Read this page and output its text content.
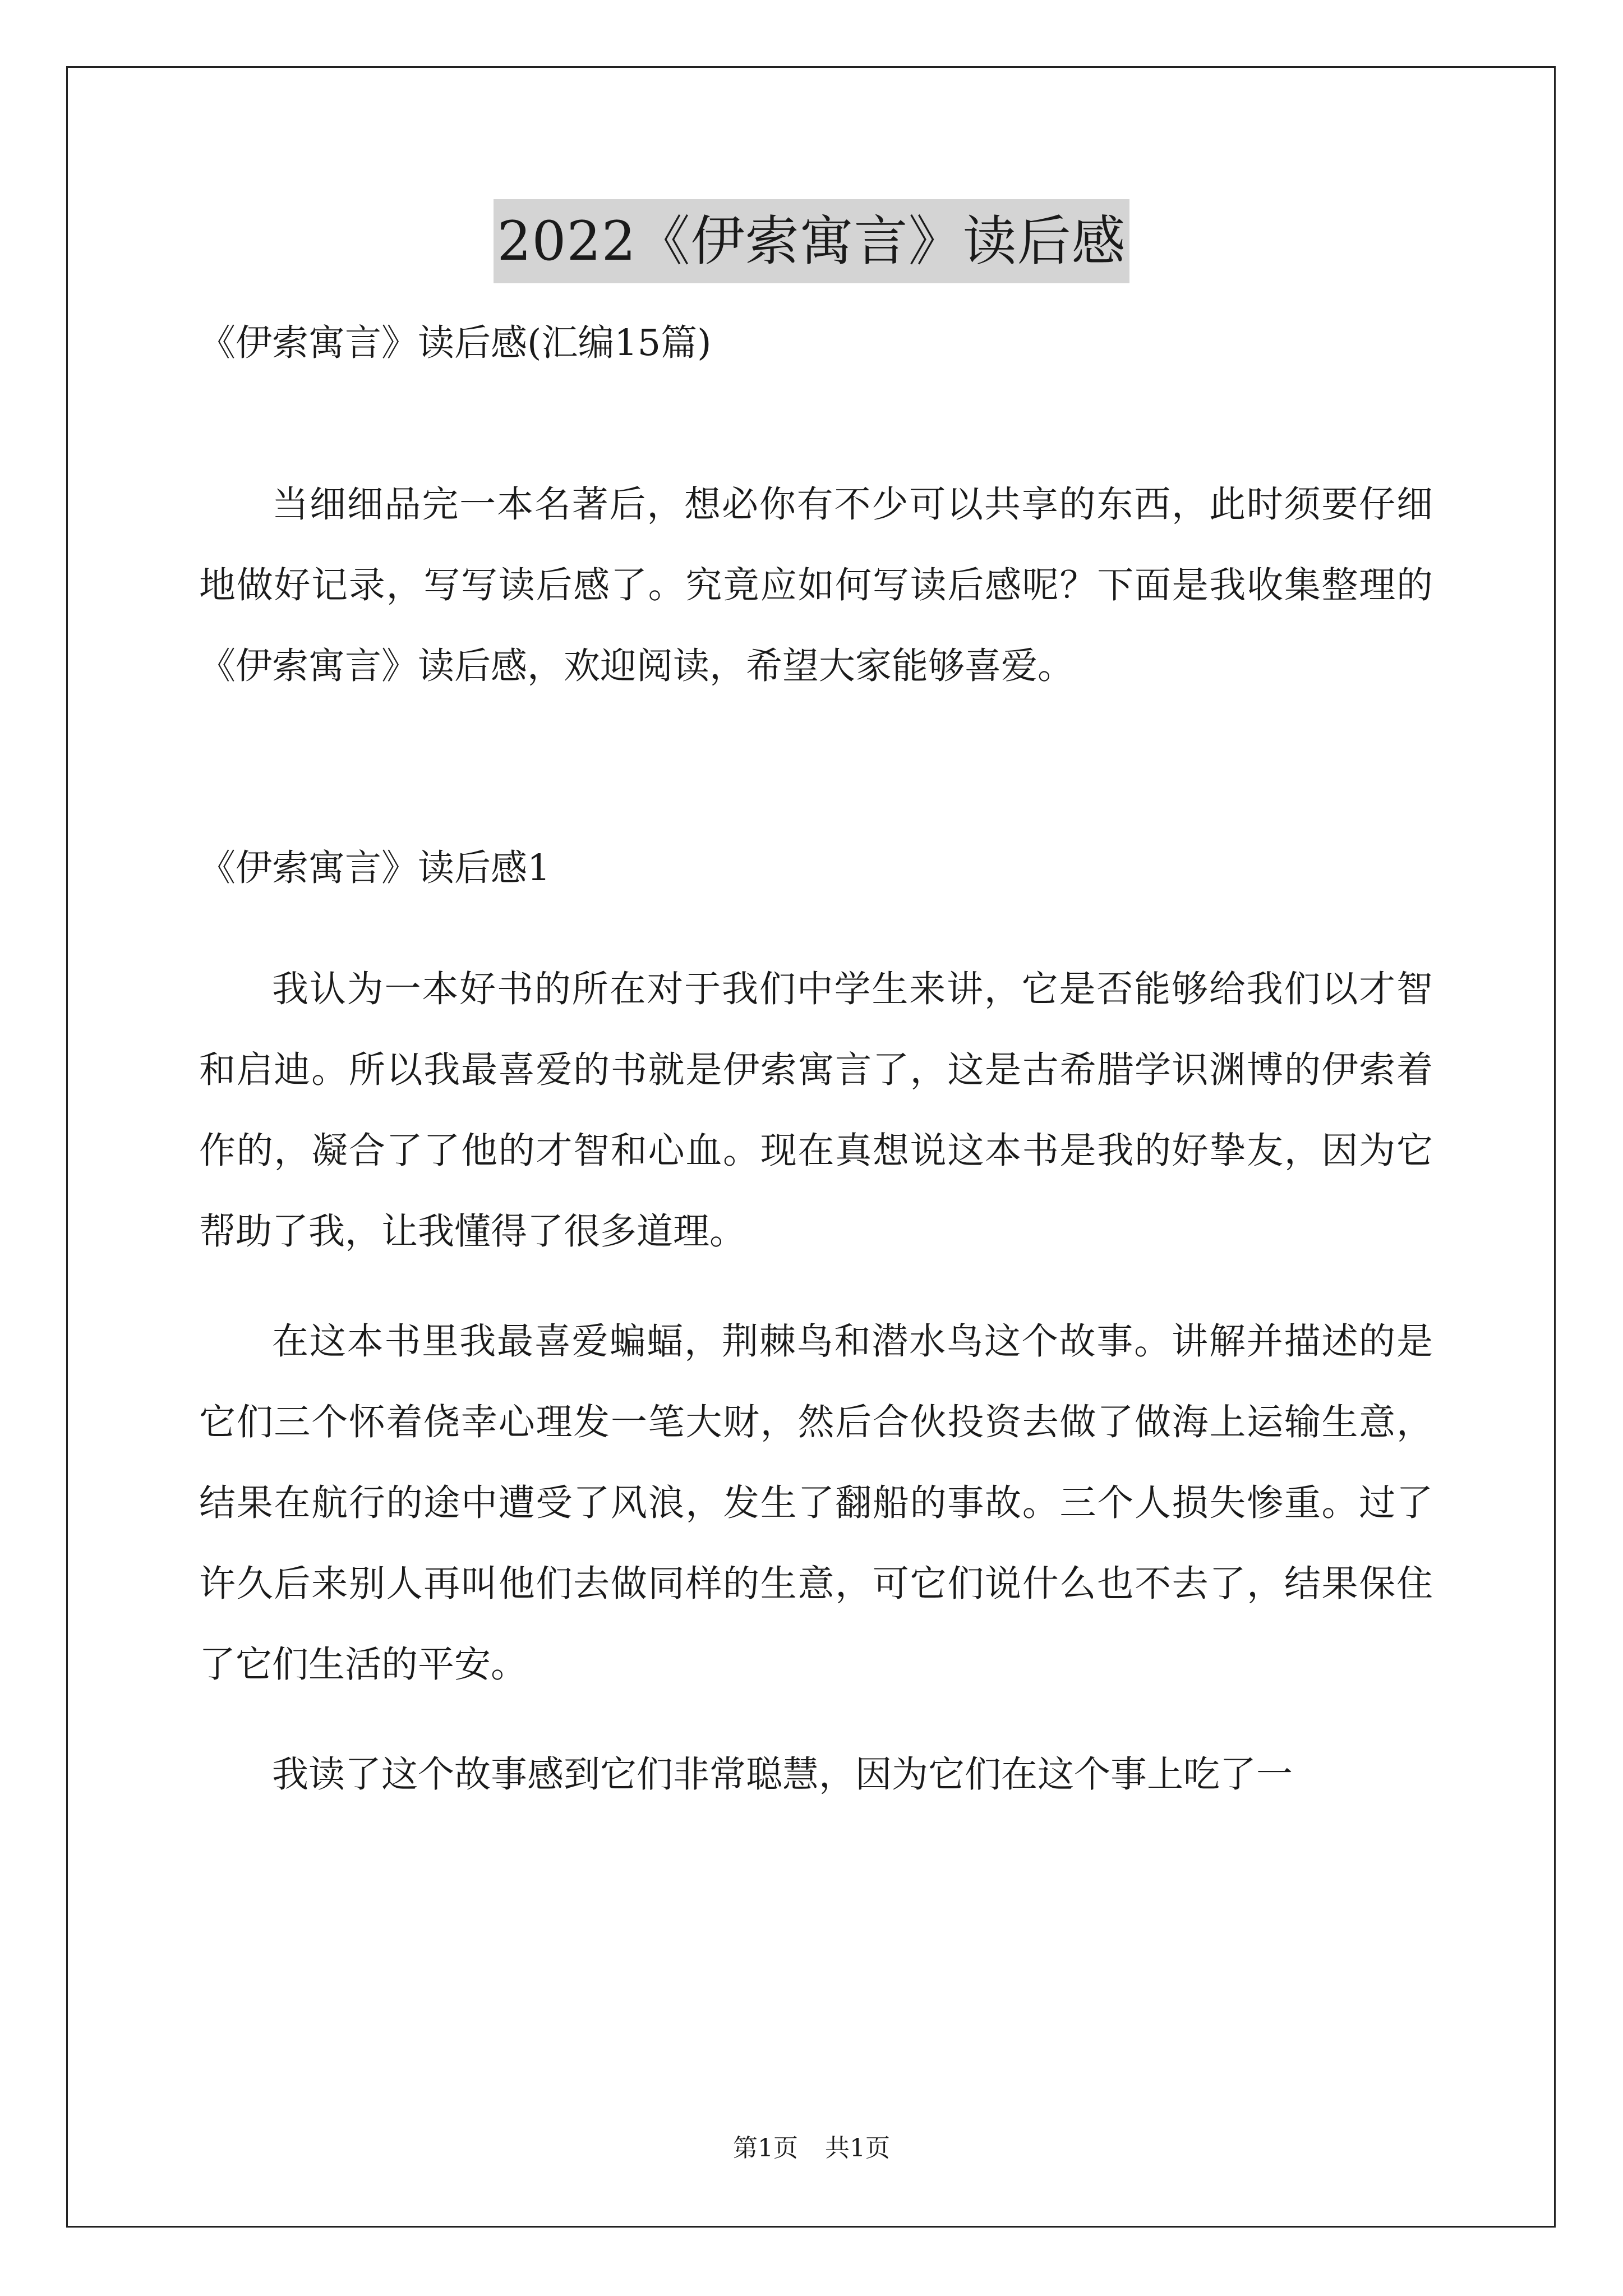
2022《伊索寓言》读后感

《伊索寓言》读后感(汇编15篇)

当细细品完一本名著后，想必你有不少可以共享的东西，此时须要仔细地做好记录，写写读后感了。究竟应如何写读后感呢？下面是我收集整理的《伊索寓言》读后感，欢迎阅读，希望大家能够喜爱。

《伊索寓言》读后感1

我认为一本好书的所在对于我们中学生来讲，它是否能够给我们以才智和启迪。所以我最喜爱的书就是伊索寓言了，这是古希腊学识渊博的伊索着作的，凝合了了他的才智和心血。现在真想说这本书是我的好挚友，因为它帮助了我，让我懂得了很多道理。

在这本书里我最喜爱蝙蝠，荆棘鸟和潜水鸟这个故事。讲解并描述的是它们三个怀着侥幸心理发一笔大财，然后合伙投资去做了做海上运输生意，结果在航行的途中遭受了风浪，发生了翻船的事故。三个人损失惨重。过了许久后来别人再叫他们去做同样的生意，可它们说什么也不去了，结果保住了它们生活的平安。

我读了这个故事感到它们非常聪慧，因为它们在这个事上吃了一

第1页 共1页
